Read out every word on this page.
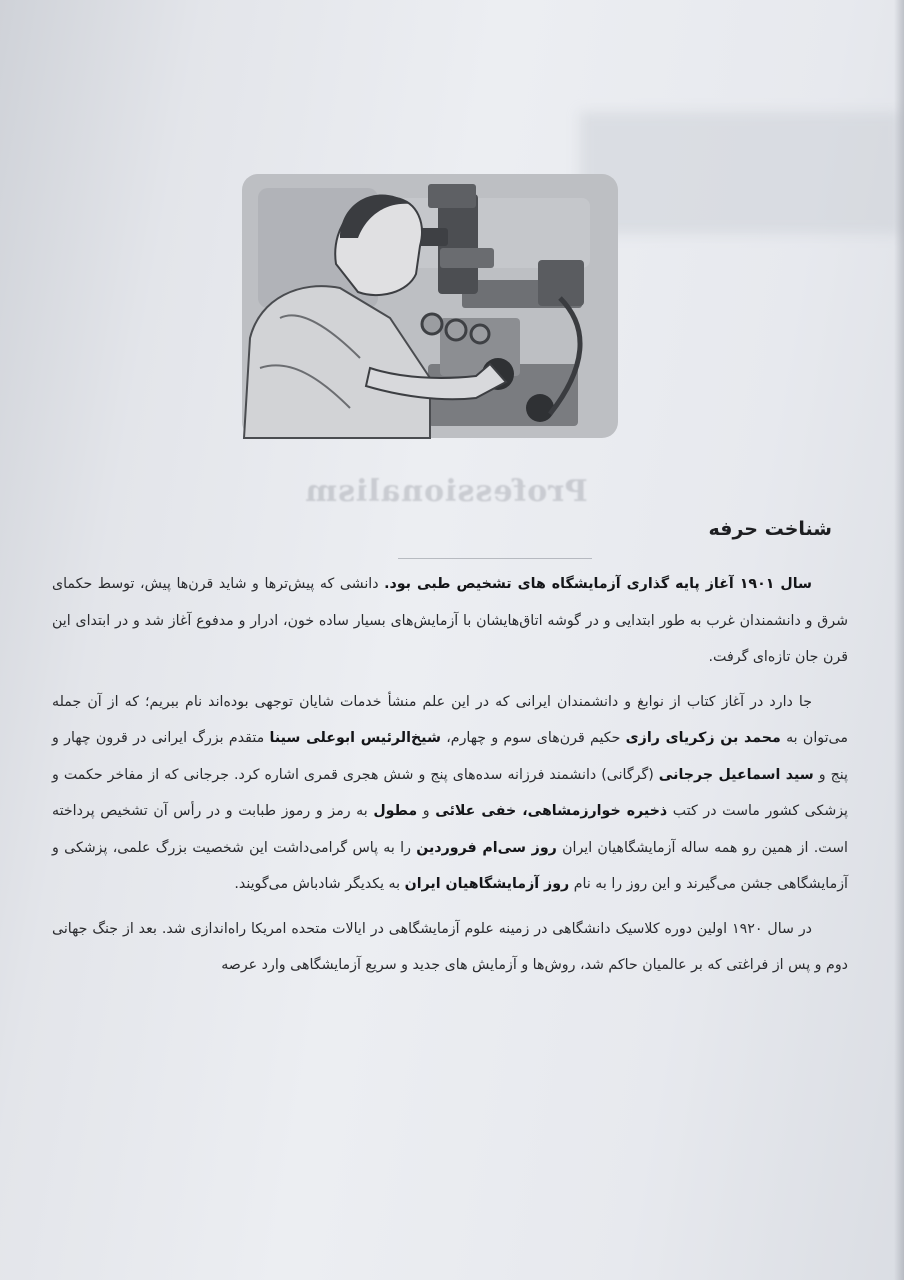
Professionalism
شناخت حرفه

سال ۱۹۰۱ آغاز پایه گذاری آزمایشگاه های تشخیص طبی بود. دانشی که پیش‌ترها و شاید قرن‌ها پیش، توسط حکمای شرق و دانشمندان غرب به طور ابتدایی و در گوشه اتاق‌هایشان با آزمایش‌های بسیار ساده خون، ادرار و مدفوع آغاز شد و در ابتدای این قرن جان تازه‌ای گرفت.

جا دارد در آغاز کتاب از نوابغ و دانشمندان ایرانی که در این علم منشأ خدمات شایان توجهی بوده‌اند نام ببریم؛ که از آن جمله می‌توان به محمد بن زکریای رازی حکیم قرن‌های سوم و چهارم، شیخ‌الرئیس ابوعلی سینا متقدم بزرگ ایرانی در قرون چهار و پنج و سید اسماعیل جرجانی (گرگانی) دانشمند فرزانه سده‌های پنج و شش هجری قمری اشاره کرد. جرجانی که از مفاخر حکمت و پزشکی کشور ماست در کتب ذخیره خوارزمشاهی، خفی علائی و مطول به رمز و رموز طبابت و در رأس آن تشخیص پرداخته است. از همین رو همه ساله آزمایشگاهیان ایران روز سی‌ام فروردین را به پاس گرامی‌داشت این شخصیت بزرگ علمی، پزشکی و آزمایشگاهی جشن می‌گیرند و این روز را به نام روز آزمایشگاهیان ایران به یکدیگر شادباش می‌گویند.

در سال ۱۹۲۰ اولین دوره کلاسیک دانشگاهی در زمینه علوم آزمایشگاهی در ایالات متحده امریکا راه‌اندازی شد. بعد از جنگ جهانی دوم و پس از فراغتی که بر عالمیان حاکم شد، روش‌ها و آزمایش های جدید و سریع آزمایشگاهی وارد عرصه
